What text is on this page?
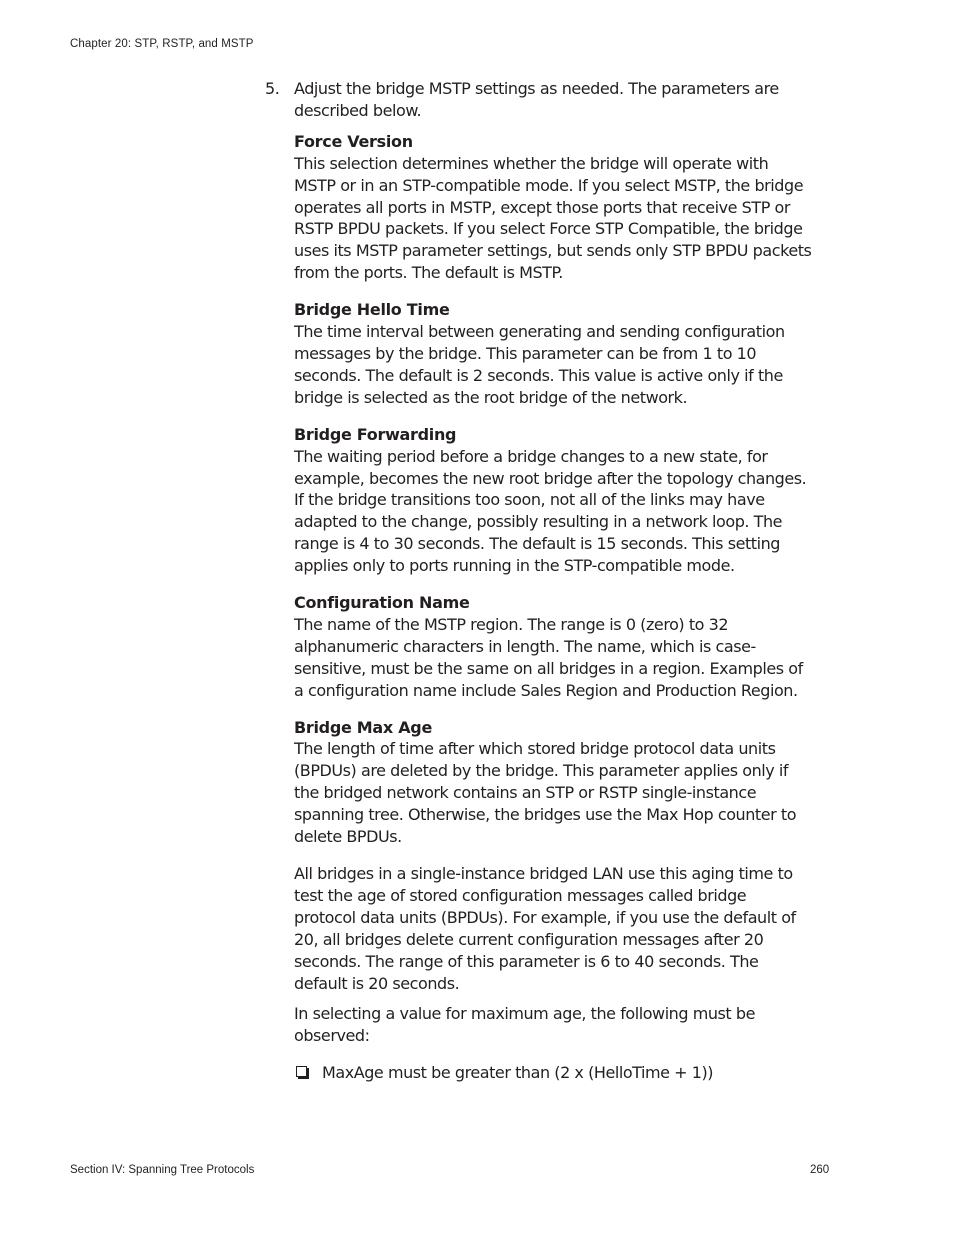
Chapter 20: STP, RSTP, and MSTP
5. Adjust the bridge MSTP settings as needed. The parameters are described below.
Force Version
This selection determines whether the bridge will operate with MSTP or in an STP-compatible mode. If you select MSTP, the bridge operates all ports in MSTP, except those ports that receive STP or RSTP BPDU packets. If you select Force STP Compatible, the bridge uses its MSTP parameter settings, but sends only STP BPDU packets from the ports. The default is MSTP.
Bridge Hello Time
The time interval between generating and sending configuration messages by the bridge. This parameter can be from 1 to 10 seconds. The default is 2 seconds. This value is active only if the bridge is selected as the root bridge of the network.
Bridge Forwarding
The waiting period before a bridge changes to a new state, for example, becomes the new root bridge after the topology changes. If the bridge transitions too soon, not all of the links may have adapted to the change, possibly resulting in a network loop. The range is 4 to 30 seconds. The default is 15 seconds. This setting applies only to ports running in the STP-compatible mode.
Configuration Name
The name of the MSTP region. The range is 0 (zero) to 32 alphanumeric characters in length. The name, which is case-sensitive, must be the same on all bridges in a region. Examples of a configuration name include Sales Region and Production Region.
Bridge Max Age
The length of time after which stored bridge protocol data units (BPDUs) are deleted by the bridge. This parameter applies only if the bridged network contains an STP or RSTP single-instance spanning tree. Otherwise, the bridges use the Max Hop counter to delete BPDUs.
All bridges in a single-instance bridged LAN use this aging time to test the age of stored configuration messages called bridge protocol data units (BPDUs). For example, if you use the default of 20, all bridges delete current configuration messages after 20 seconds. The range of this parameter is 6 to 40 seconds. The default is 20 seconds.
In selecting a value for maximum age, the following must be observed:
MaxAge must be greater than (2 x (HelloTime + 1))
Section IV: Spanning Tree Protocols	260
